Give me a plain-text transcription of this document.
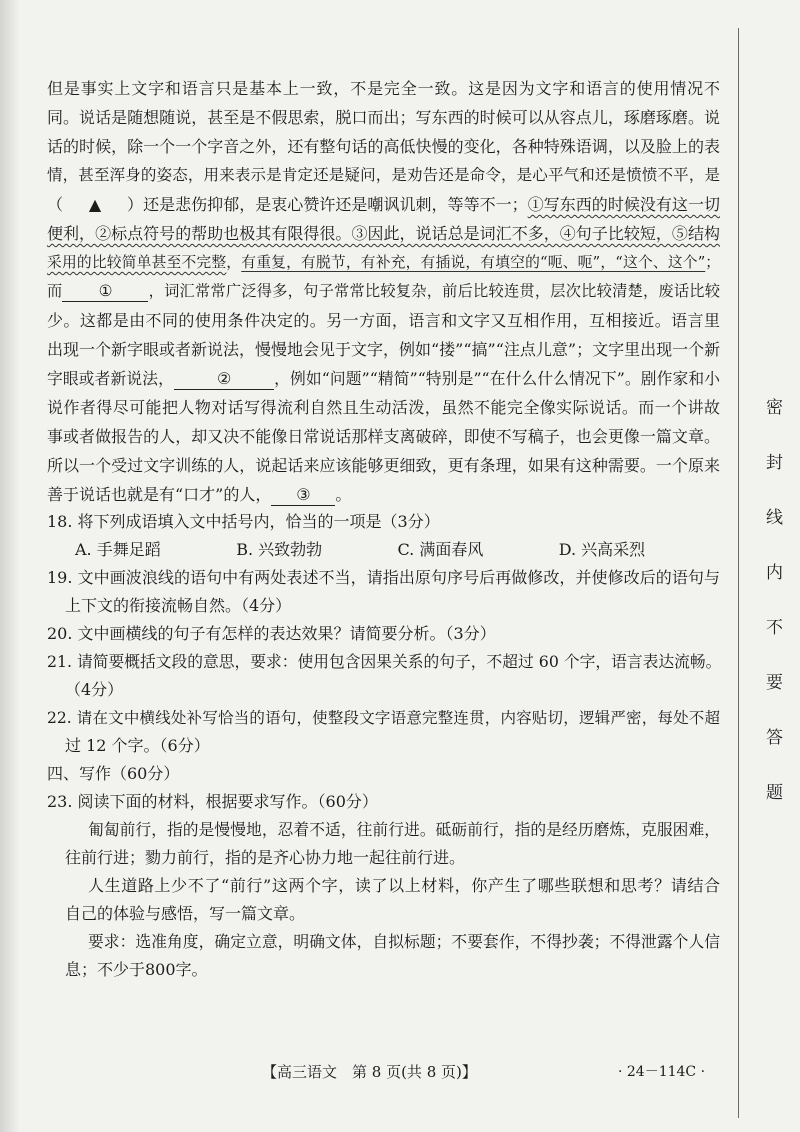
密封线内不要答题
但是事实上文字和语言只是基本上一致，不是完全一致。这是因为文字和语言的使用情况不
同。说话是随想随说，甚至是不假思索，脱口而出；写东西的时候可以从容点儿，琢磨琢磨。说
话的时候，除一个一个字音之外，还有整句话的高低快慢的变化，各种特殊语调，以及脸上的表
情，甚至浑身的姿态，用来表示是肯定还是疑问，是劝告还是命令，是心平气和还是愤愤不平，是
（ ▲ ）还是悲伤抑郁，是衷心赞许还是嘲讽讥刺，等等不一；①写东西的时候没有这一切
便利，②标点符号的帮助也极其有限得很。③因此，说话总是词汇不多，④句子比较短，⑤结构
采用的比较简单甚至不完整，有重复，有脱节，有补充，有插说，有填空的“呃、呃”，“这个、这个”；
而 ① ，词汇常常广泛得多，句子常常比较复杂，前后比较连贯，层次比较清楚，废话比较
少。这都是由不同的使用条件决定的。另一方面，语言和文字又互相作用，互相接近。语言里
出现一个新字眼或者新说法，慢慢地会见于文字，例如“搂”“搞”“注点儿意”；文字里出现一个新
字眼或者新说法，	②	，例如“问题”“精简”“特别是”“在什么什么情况下”。剧作家和小
说作者得尽可能把人物对话写得流利自然且生动活泼，虽然不能完全像实际说话。而一个讲故
事或者做报告的人，却又决不能像日常说话那样支离破碎，即使不写稿子，也会更像一篇文章。
所以一个受过文字训练的人，说起话来应该能够更细致，更有条理，如果有这种需要。一个原来
善于说话也就是有“口才”的人， ③ 。
18. 将下列成语填入文中括号内，恰当的一项是（3分）
A. 手舞足蹈	B. 兴致勃勃	C. 满面春风	D. 兴高采烈
19. 文中画波浪线的语句中有两处表述不当，请指出原句序号后再做修改，并使修改后的语句与
上下文的衔接流畅自然。（4分）
20. 文中画横线的句子有怎样的表达效果？请简要分析。（3分）
21. 请简要概括文段的意思，要求：使用包含因果关系的句子，不超过 60 个字，语言表达流畅。
（4分）
22. 请在文中横线处补写恰当的语句，使整段文字语意完整连贯，内容贴切，逻辑严密，每处不超
过 12 个字。（6分）
四、写作（60分）
23. 阅读下面的材料，根据要求写作。（60分）
匍匐前行，指的是慢慢地，忍着不适，往前行进。砥砺前行，指的是经历磨炼，克服困难，
往前行进；勠力前行，指的是齐心协力地一起往前行进。
人生道路上少不了“前行”这两个字，读了以上材料，你产生了哪些联想和思考？请结合
自己的体验与感悟，写一篇文章。
要求：选准角度，确定立意，明确文体，自拟标题；不要套作，不得抄袭；不得泄露个人信
息；不少于800字。
【高三语文　第 8 页(共 8 页)】	· 24－114C ·
